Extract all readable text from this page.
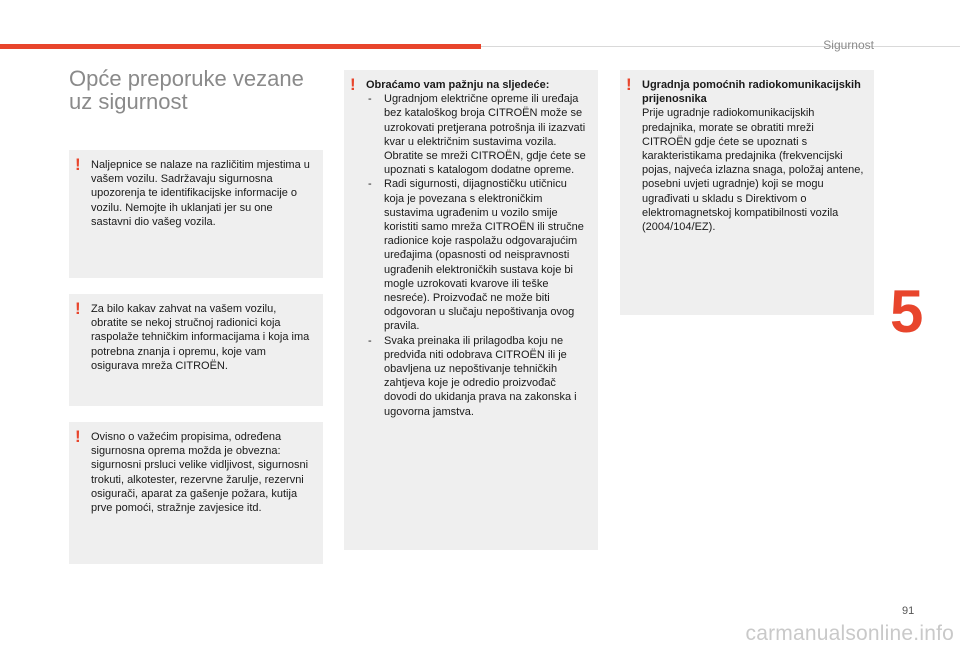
Sigurnost
5
Opće preporuke vezane uz sigurnost
! Naljepnice se nalaze na različitim mjestima u vašem vozilu. Sadržavaju sigurnosna upozorenja te identifikacijske informacije o vozilu. Nemojte ih uklanjati jer su one sastavni dio vašeg vozila.

! Za bilo kakav zahvat na vašem vozilu, obratite se nekoj stručnoj radionici koja raspolaže tehničkim informacijama i koja ima potrebna znanja i opremu, koje vam osigurava mreža CITROËN.

! Ovisno o važećim propisima, određena sigurnosna oprema možda je obvezna: sigurnosni prsluci velike vidljivost, sigurnosni trokuti, alkotester, rezervne žarulje, rezervni osigurači, aparat za gašenje požara, kutija prve pomoći, stražnje zavjesice itd.

! Obraćamo vam pažnju na sljedeće:

- Ugradnjom električne opreme ili uređaja bez kataloškog broja CITROËN može se uzrokovati pretjerana potrošnja ili izazvati kvar u električnim sustavima vozila. Obratite se mreži CITROËN, gdje ćete se upoznati s katalogom dodatne opreme.
- Radi sigurnosti, dijagnostičku utičnicu koja je povezana s elektroničkim sustavima ugrađenim u vozilo smije koristiti samo mreža CITROËN ili stručne radionice koje raspolažu odgovarajućim uređajima (opasnosti od neispravnosti ugrađenih elektroničkih sustava koje bi mogle uzrokovati kvarove ili teške nesreće). Proizvođač ne može biti odgovoran u slučaju nepoštivanja ovog pravila.
- Svaka preinaka ili prilagodba koju ne predviđa niti odobrava CITROËN ili je obavljena uz nepoštivanje tehničkih zahtjeva koje je odredio proizvođač dovodi do ukidanja prava na zakonska i ugovorna jamstva.
! Ugradnja pomoćnih radiokomunikacijskih prijenosnika

Prije ugradnje radiokomunikacijskih predajnika, morate se obratiti mreži CITROËN gdje ćete se upoznati s karakteristikama predajnika (frekvencijski pojas, najveća izlazna snaga, položaj antene, posebni uvjeti ugradnje) koji se mogu ugrađivati u skladu s Direktivom o elektromagnetskoj kompatibilnosti vozila (2004/104/EZ).

91
carmanualsonline.info
